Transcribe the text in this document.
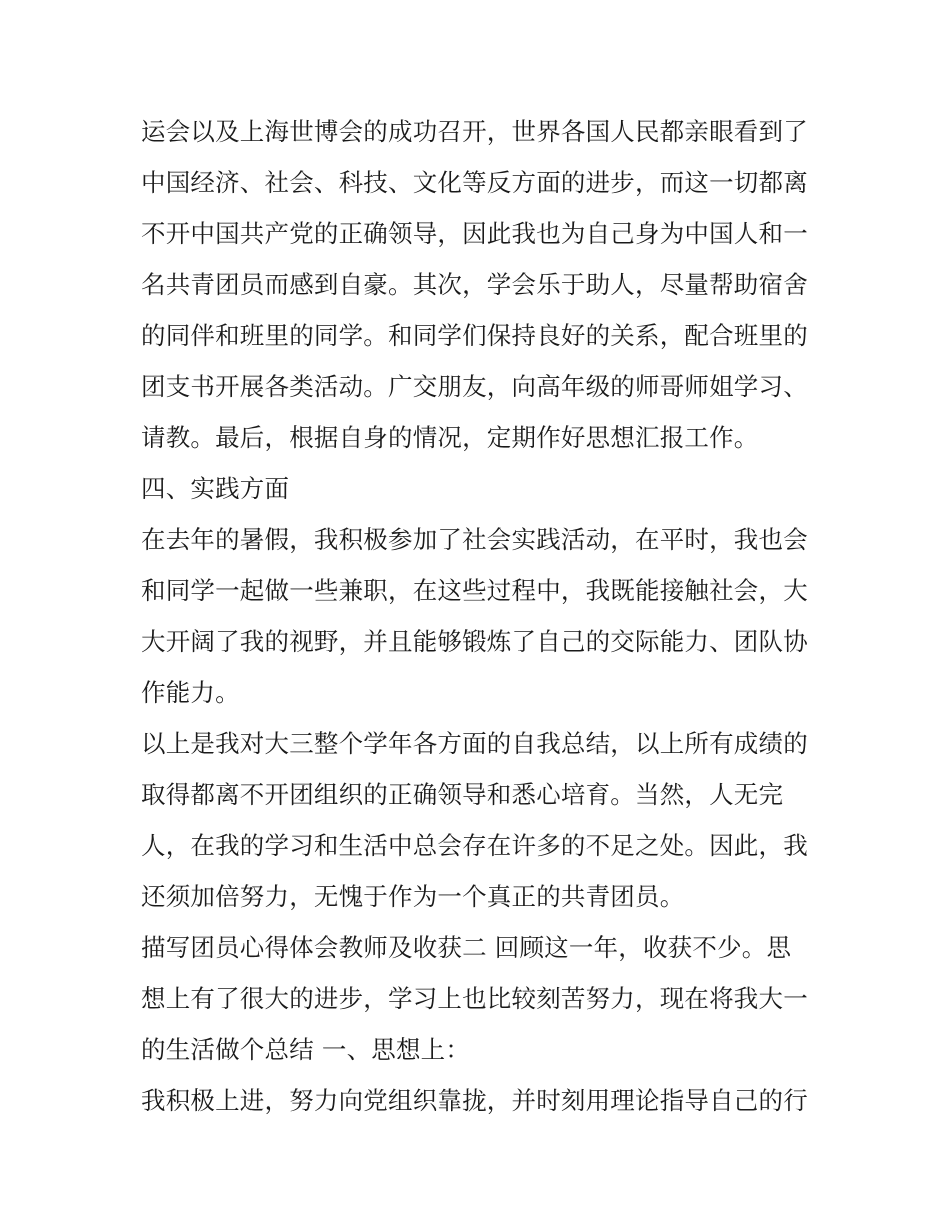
运会以及上海世博会的成功召开，世界各国人民都亲眼看到了
中国经济、社会、科技、文化等反方面的进步，而这一切都离
不开中国共产党的正确领导，因此我也为自己身为中国人和一
名共青团员而感到自豪。其次，学会乐于助人，尽量帮助宿舍
的同伴和班里的同学。和同学们保持良好的关系，配合班里的
团支书开展各类活动。广交朋友，向高年级的师哥师姐学习、
请教。最后，根据自身的情况，定期作好思想汇报工作。
四、实践方面
在去年的暑假，我积极参加了社会实践活动，在平时，我也会
和同学一起做一些兼职，在这些过程中，我既能接触社会，大
大开阔了我的视野，并且能够锻炼了自己的交际能力、团队协
作能力。
以上是我对大三整个学年各方面的自我总结，以上所有成绩的
取得都离不开团组织的正确领导和悉心培育。当然，人无完
人，在我的学习和生活中总会存在许多的不足之处。因此，我
还须加倍努力，无愧于作为一个真正的共青团员。
描写团员心得体会教师及收获二 回顾这一年，收获不少。思
想上有了很大的进步，学习上也比较刻苦努力，现在将我大一
的生活做个总结 一、思想上：
我积极上进，努力向党组织靠拢，并时刻用理论指导自己的行
